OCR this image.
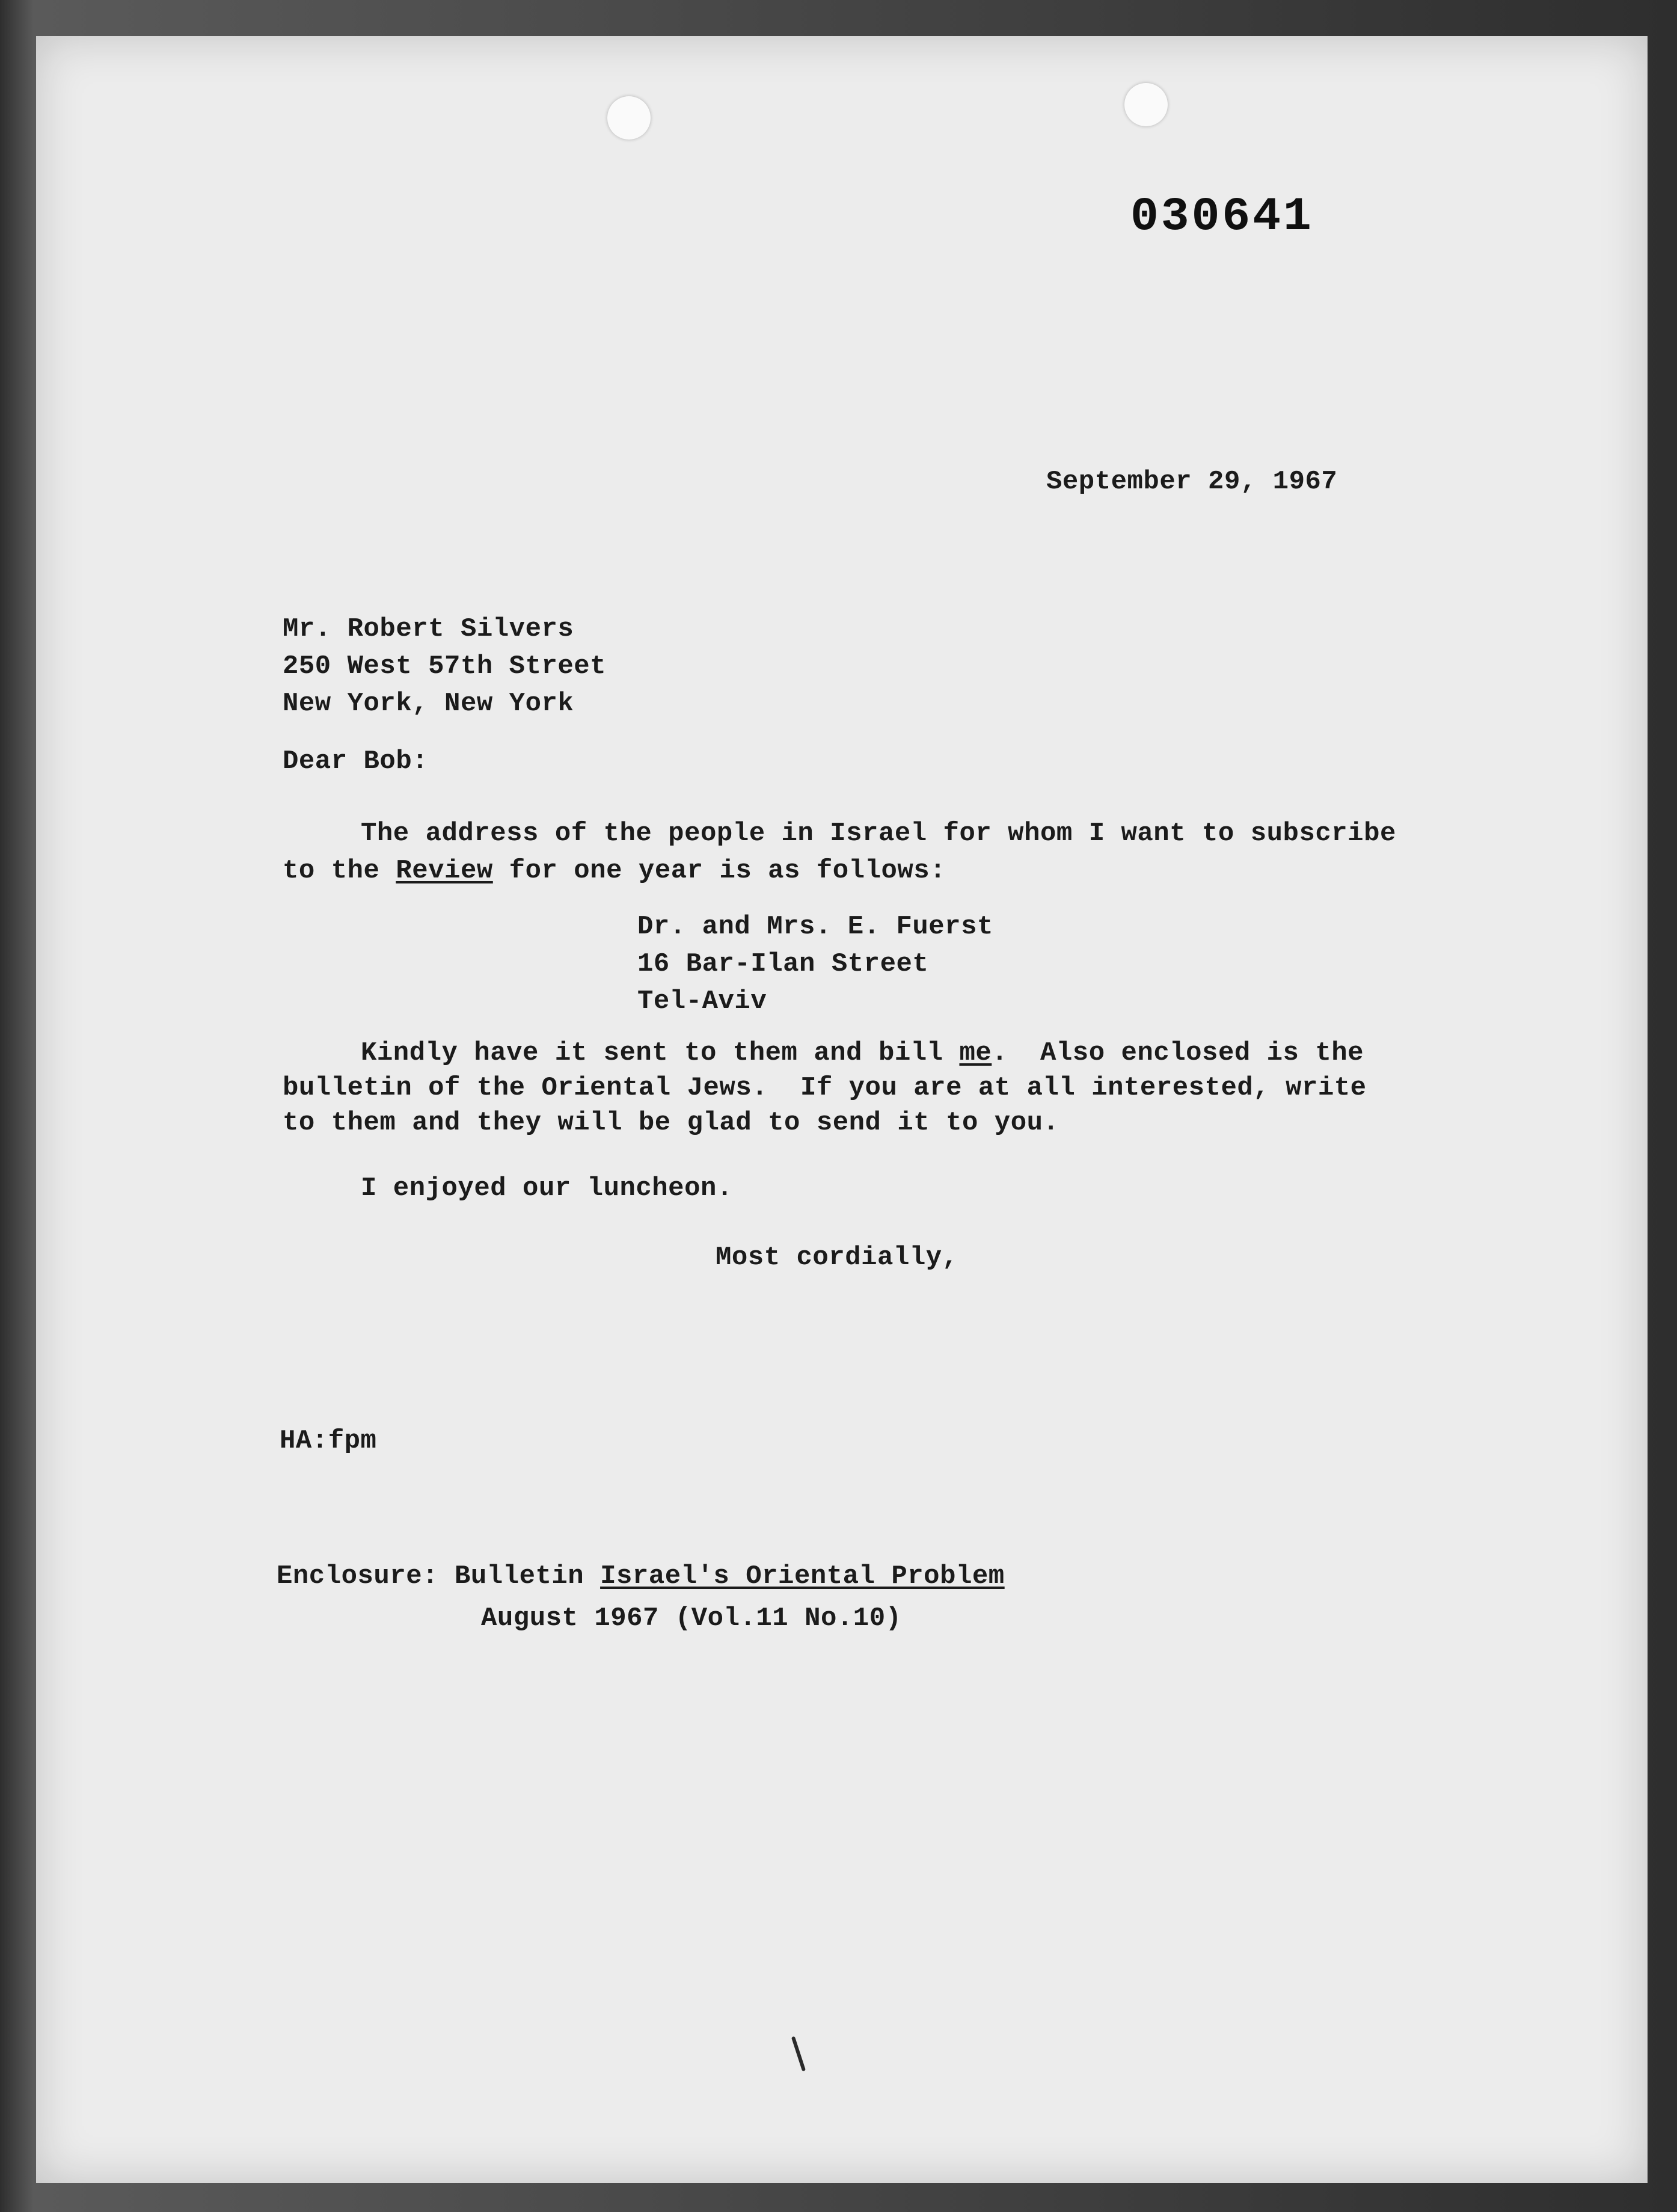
030641
September 29, 1967
Mr. Robert Silvers
250 West 57th Street
New York, New York
Dear Bob:
The address of the people in Israel for whom I want to subscribe
to the Review for one year is as follows:
Dr. and Mrs. E. Fuerst
16 Bar-Ilan Street
Tel-Aviv
Kindly have it sent to them and bill me.  Also enclosed is the
bulletin of the Oriental Jews.  If you are at all interested, write
to them and they will be glad to send it to you.
I enjoyed our luncheon.
Most cordially,
HA:fpm
Enclosure: Bulletin Israel's Oriental Problem
August 1967 (Vol.11 No.10)
